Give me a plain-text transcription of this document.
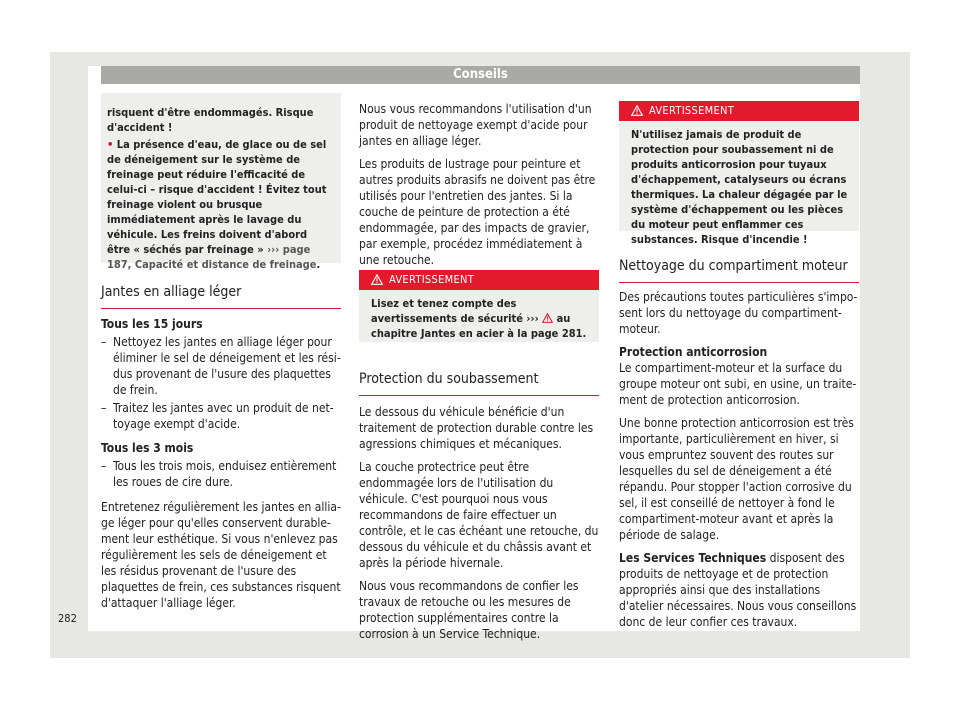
Conseils
risquent d'être endommagés. Risque d'accident !
• La présence d'eau, de glace ou de sel de déneigement sur le système de freinage peut réduire l'efficacité de celui-ci – risque d'accident ! Évitez tout freinage violent ou brusque immédiatement après le lavage du véhicule. Les freins doivent d'abord être « séchés par freinage » ››› page 187, Capacité et distance de freinage.
Jantes en alliage léger
Tous les 15 jours
– Nettoyez les jantes en alliage léger pour éliminer le sel de déneigement et les résidus provenant de l'usure des plaquettes de frein.
– Traitez les jantes avec un produit de nettoyage exempt d'acide.
Tous les 3 mois
– Tous les trois mois, enduisez entièrement les roues de cire dure.

Entretenez régulièrement les jantes en alliage léger pour qu'elles conservent durablement leur esthétique. Si vous n'enlevez pas régulièrement les sels de déneigement et les résidus provenant de l'usure des plaquettes de frein, ces substances risquent d'attaquer l'alliage léger.

Nous vous recommandons l'utilisation d'un produit de nettoyage exempt d'acide pour jantes en alliage léger.

Les produits de lustrage pour peinture et autres produits abrasifs ne doivent pas être utilisés pour l'entretien des jantes. Si la couche de peinture de protection a été endommagée, par des impacts de gravier, par exemple, procédez immédiatement à une retouche.

AVERTISSEMENT
Lisez et tenez compte des avertissements de sécurité ››› au chapitre Jantes en acier à la page 281.
Protection du soubassement

Le dessous du véhicule bénéficie d'un traitement de protection durable contre les agressions chimiques et mécaniques.

La couche protectrice peut être endommagée lors de l'utilisation du véhicule. C'est pourquoi nous vous recommandons de faire effectuer un contrôle, et le cas échéant une retouche, du dessous du véhicule et du châssis avant et après la période hivernale.

Nous vous recommandons de confier les travaux de retouche ou les mesures de protection supplémentaires contre la corrosion à un Service Technique.

AVERTISSEMENT
N'utilisez jamais de produit de protection pour soubassement ni de produits anticorrosion pour tuyaux d'échappement, catalyseurs ou écrans thermiques. La chaleur dégagée par le système d'échappement ou les pièces du moteur peut enflammer ces substances. Risque d'incendie !
Nettoyage du compartiment moteur

Des précautions toutes particulières s'imposent lors du nettoyage du compartiment-moteur.

Protection anticorrosion

Le compartiment-moteur et la surface du groupe moteur ont subi, en usine, un traitement de protection anticorrosion.

Une bonne protection anticorrosion est très importante, particulièrement en hiver, si vous empruntez souvent des routes sur lesquelles du sel de déneigement a été répandu. Pour stopper l'action corrosive du sel, il est conseillé de nettoyer à fond le compartiment-moteur avant et après la période de salage.

Les Services Techniques disposent des produits de nettoyage et de protection appropriés ainsi que des installations d'atelier nécessaires. Nous vous conseillons donc de leur confier ces travaux.

282
